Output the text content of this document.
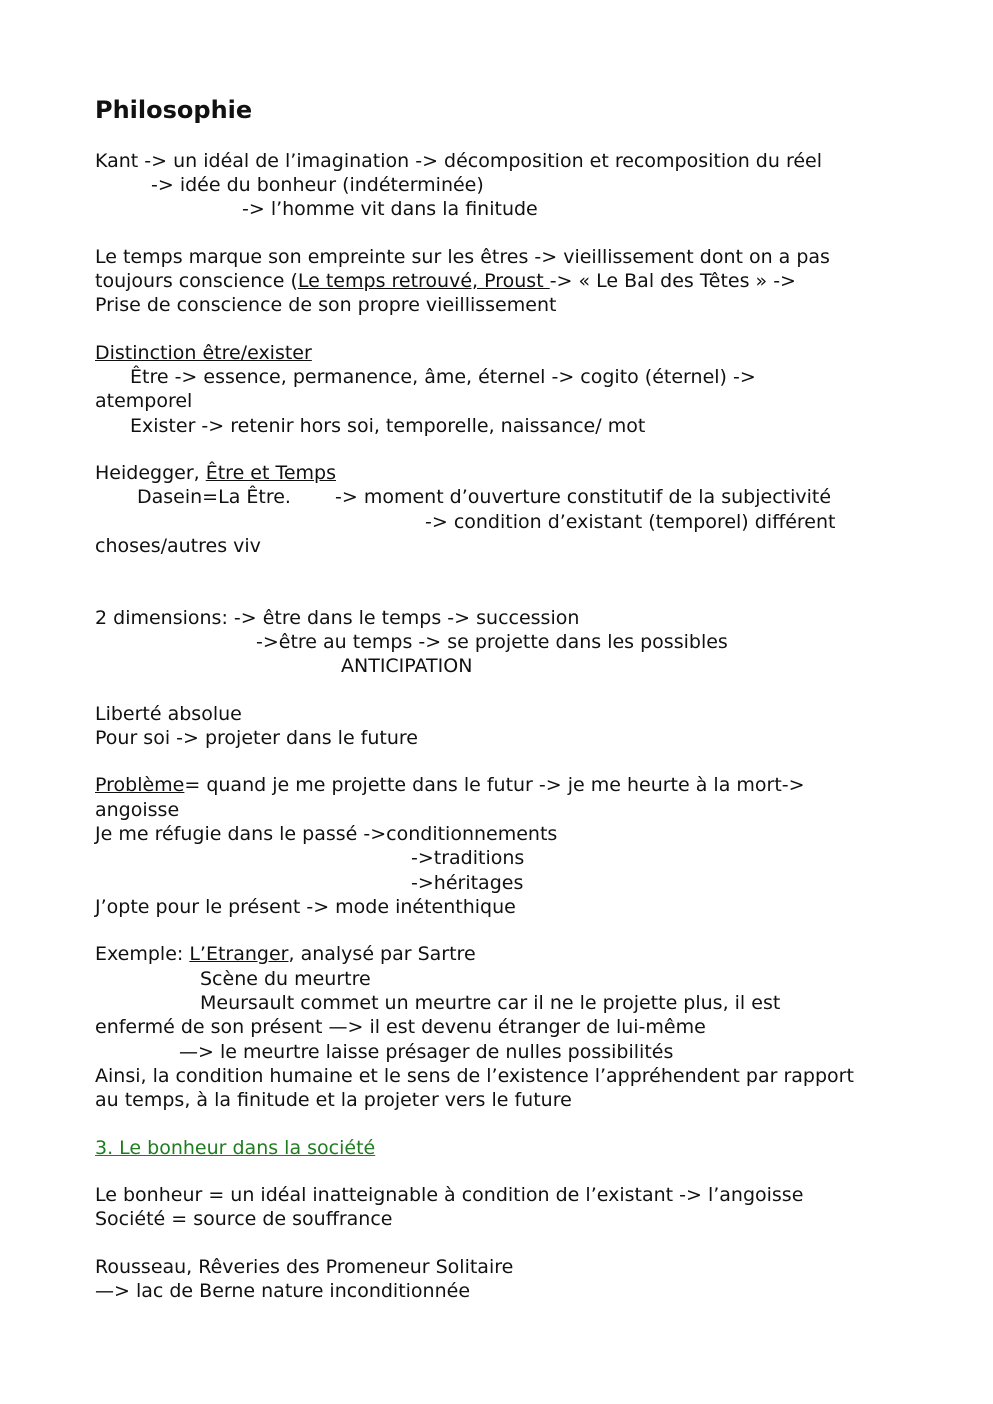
Philosophie
Kant -> un idéal de l’imagination -> décomposition et recomposition du réel
-> idée du bonheur (indéterminée)
-> l’homme vit dans la finitude
Le temps marque son empreinte sur les êtres -> vieillissement dont on a pas
toujours conscience (Le temps retrouvé, Proust -> « Le Bal des Têtes » ->
Prise de conscience de son propre vieillissement
Distinction être/exister
Être -> essence, permanence, âme, éternel -> cogito (éternel) ->
atemporel
Exister -> retenir hors soi, temporelle, naissance/ mot
Heidegger, Être et Temps
Dasein=La Être. -> moment d’ouverture constitutif de la subjectivité
-> condition d’existant (temporel) différent
choses/autres viv
2 dimensions: -> être dans le temps -> succession
->être au temps -> se projette dans les possibles
ANTICIPATION
Liberté absolue
Pour soi -> projeter dans le future
Problème= quand je me projette dans le futur -> je me heurte à la mort->
angoisse
Je me réfugie dans le passé ->conditionnements
->traditions
->héritages
J’opte pour le présent -> mode inétenthique
Exemple: L’Etranger, analysé par Sartre
Scène du meurtre
Meursault commet un meurtre car il ne le projette plus, il est
enfermé de son présent —> il est devenu étranger de lui-même
—> le meurtre laisse présager de nulles possibilités
Ainsi, la condition humaine et le sens de l’existence l’appréhendent par rapport
au temps, à la finitude et la projeter vers le future
3. Le bonheur dans la société
Le bonheur = un idéal inatteignable à condition de l’existant -> l’angoisse
Société = source de souffrance
Rousseau, Rêveries des Promeneur Solitaire
—> lac de Berne nature inconditionnée
